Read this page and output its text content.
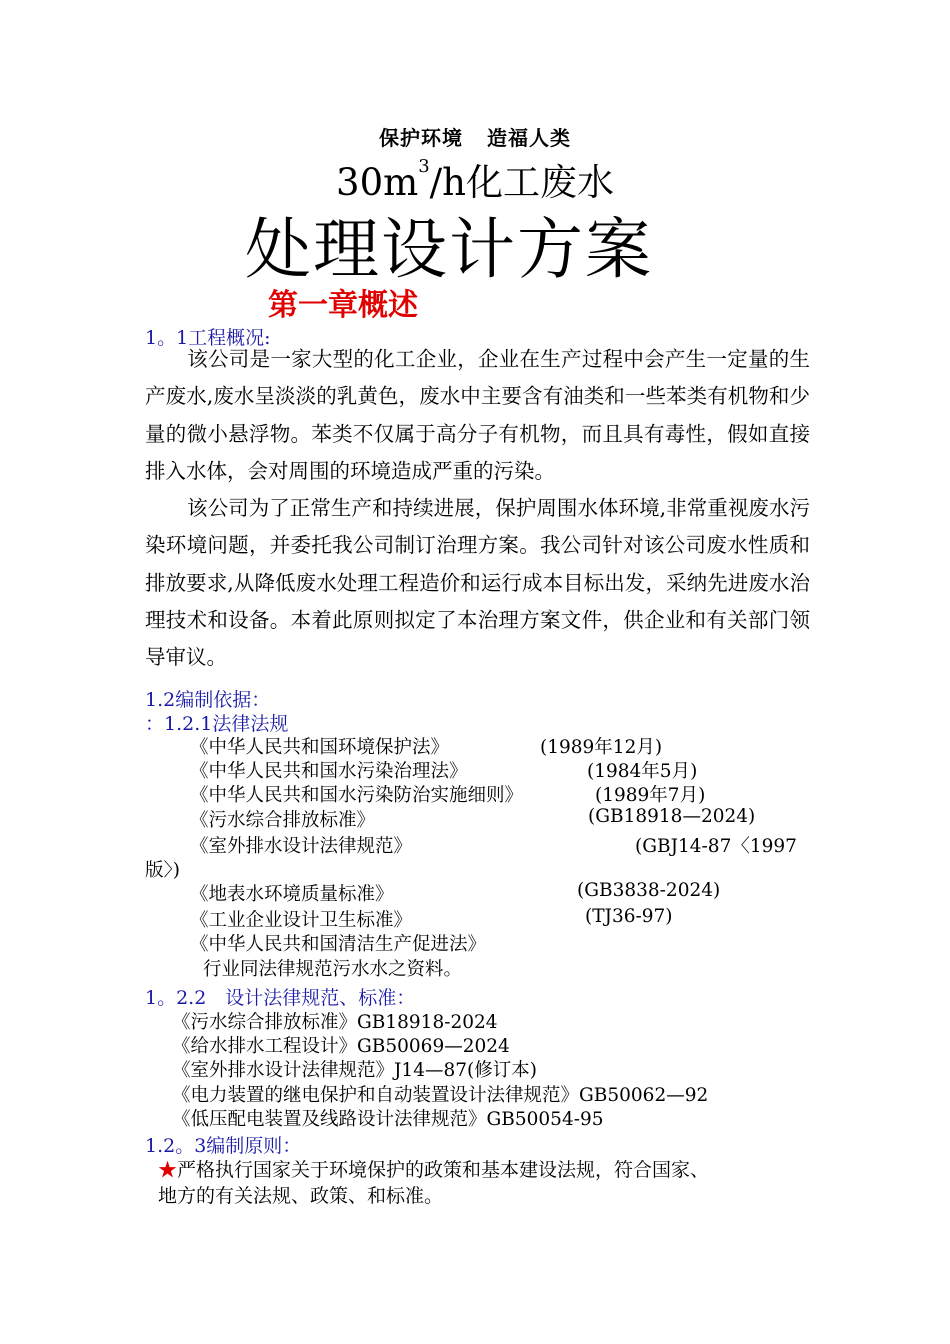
保护环境 造福人类
$30m^3/h$化工废水
处理设计方案
第一章概述
1。1工程概况:
该公司是一家大型的化工企业，企业在生产过程中会产生一定量的生产废水,废水呈淡淡的乳黄色，废水中主要含有油类和一些苯类有机物和少量的微小悬浮物。苯类不仅属于高分子有机物，而且具有毒性，假如直接排入水体，会对周围的环境造成严重的污染。
该公司为了正常生产和持续进展，保护周围水体环境,非常重视废水污染环境问题，并委托我公司制订治理方案。我公司针对该公司废水性质和排放要求,从降低废水处理工程造价和运行成本目标出发，采纳先进废水治理技术和设备。本着此原则拟定了本治理方案文件，供企业和有关部门领导审议。
1.2编制依据：
：1.2.1法律法规
《中华人民共和国环境保护法》	(1989年12月)
《中华人民共和国水污染治理法》	(1984年5月)
《中华人民共和国水污染防治实施细则》	(1989年7月)
《污水综合排放标准》	(GB18918—2024)
《室外排水设计法律规范》	(GBJ14-87〈1997
版〉)
《地表水环境质量标准》	(GB3838-2024)
《工业企业设计卫生标准》	(TJ36-97)
《中华人民共和国清洁生产促进法》
行业同法律规范污水水之资料。
1。2.2　设计法律规范、标准：
《污水综合排放标准》GB18918-2024
《给水排水工程设计》GB50069—2024
《室外排水设计法律规范》J14—87(修订本)
《电力装置的继电保护和自动装置设计法律规范》GB50062—92
《低压配电装置及线路设计法律规范》GB50054-95
1.2。3编制原则：
★严格执行国家关于环境保护的政策和基本建设法规，符合国家、
地方的有关法规、政策、和标准。
